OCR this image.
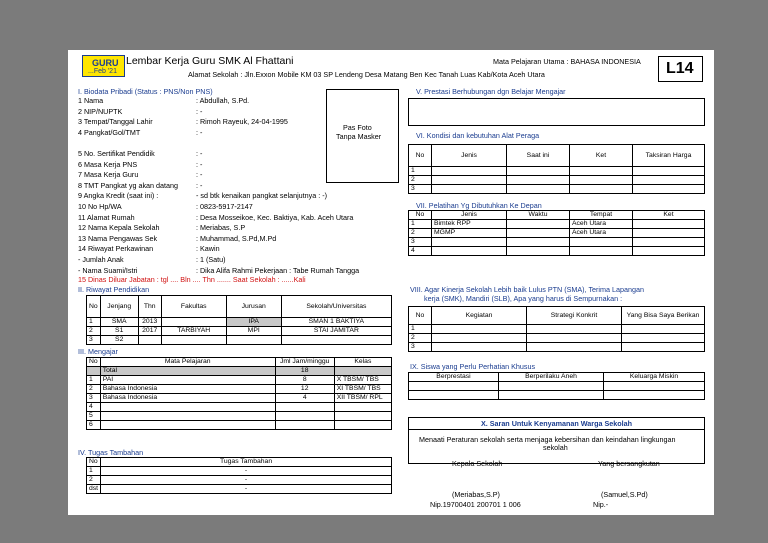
GURU
...Feb '21
Lembar Kerja Guru SMK Al Fhattani	Mata Pelajaran Utama : BAHASA INDONESIA
Alamat Sekolah : Jln.Exxon Mobile KM 03 SP Lendeng Desa Matang Ben Kec Tanah Luas Kab/Kota Aceh Utara	L14
I. Biodata Pribadi (Status : PNS/Non PNS)
1 Nama	: Abdullah, S.Pd.
2 NIP/NUPTK	: -
3 Tempat/Tanggal Lahir	: Rimoh Rayeuk, 24-04-1995
4 Pangkat/Gol/TMT	: -
5 No. Sertifikat Pendidik	: -
6 Masa Kerja PNS	: -
7 Masa Kerja Guru	: -
8 TMT Pangkat yg akan datang : -
9 Angka Kredit (saat ini) :	- sd btk kenaikan pangkat selanjutnya : -)
10 No Hp/WA	: 0823-5917-2147
11 Alamat Rumah	: Desa Mosseikoe, Kec. Baktiya, Kab. Aceh Utara
12 Nama Kepala Sekolah	: Meriabas, S.P
13 Nama Pengawas Sek	: Muhammad, S.Pd,M.Pd
14 Riwayat Perkawinan	: Kawin
- Jumlah Anak	: 1 (Satu)
- Nama Suami/Istri	: Dika Alifa Rahmi Pekerjaan : Tabe Rumah Tangga
15 Dinas Diluar Jabatan : tgl .... Bln .... Thn ....... Saat Sekolah : ......Kali
Pas Foto
Tanpa Masker
II. Riwayat Pendidikan
No	Jenjang	Thn	Fakultas	Jurusan	Sekolah/Universitas
1	SMA	2013		IPA	SMAN 1 BAKTIYA
2	S1	2017	TARBIYAH	MPI	STAI JAMITAR
3	S2				
III. Mengajar
No	Mata Pelajaran	Jml Jam/minggu	Kelas
	Total	18	
1	PAI	8	X TBSM/ TBS
2	Bahasa Indonesia	12	XI TBSM/ TBS
3	Bahasa Indonesia	4	XII TBSM/ RPL
4			
5			
6			
IV. Tugas Tambahan
No	Tugas Tambahan
1	-
2	-
dst	-
V. Prestasi Berhubungan dgn Belajar Mengajar
VI. Kondisi dan kebutuhan Alat Peraga
No	Jenis	Saat ini	Ket	Taksiran Harga
1				
2				
3				
VII. Pelatihan Yg Dibutuhkan Ke Depan
No	Jenis	Waktu	Tempat	Ket
1	Bimtek RPP		Aceh Utara	
2	MGMP		Aceh Utara	
3				
4				
VIII. Agar Kinerja Sekolah Lebih baik Lulus PTN (SMA), Terima Lapangan
kerja (SMK), Mandiri (SLB), Apa yang harus di Sempurnakan :
No	Kegiatan	Strategi Konkrit	Yang Bisa Saya Berikan
1			
2			
3			
IX. Siswa yang Perlu Perhatian Khusus
Berprestasi	Berperilaku Aneh	Keluarga Miskin

X. Saran Untuk Kenyamanan Warga Sekolah
Menaati Peraturan sekolah serta menjaga kebersihan dan keindahan lingkungan
sekolah
Kepala Sekolah	Yang bersangkutan
(Meriabas,S.P)	(Samuel,S.Pd)
Nip.19700401 200701 1 006	Nip.-
